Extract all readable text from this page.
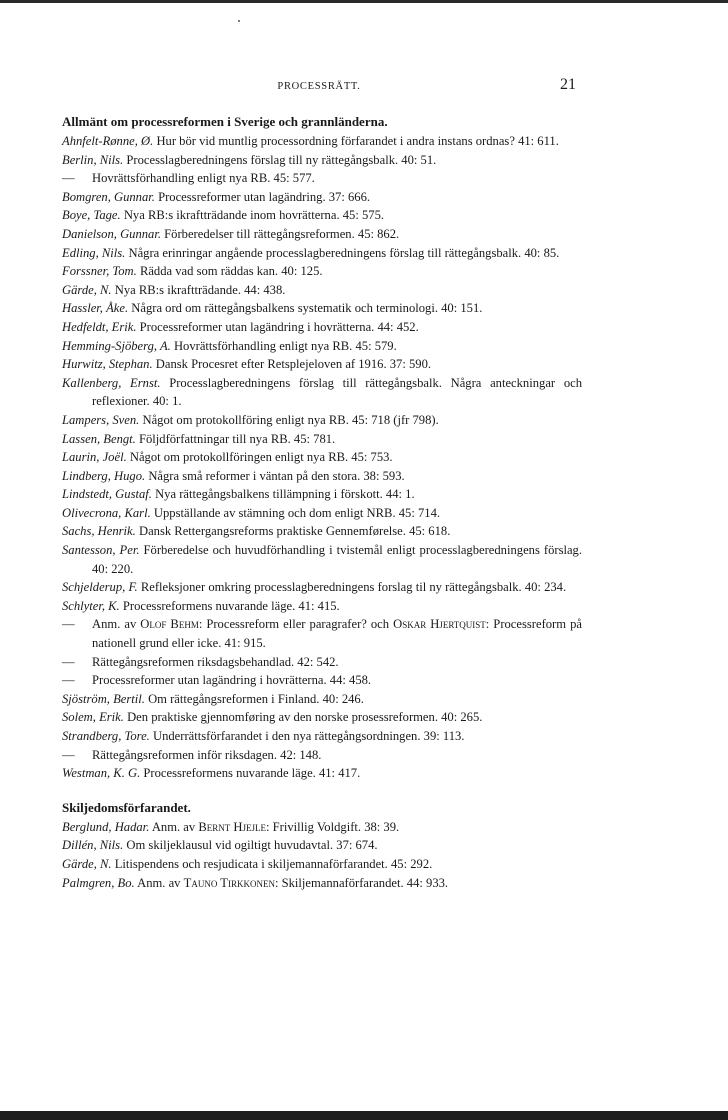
PROCESSRÄTT.	21
Allmänt om processreformen i Sverige och grannländerna.

Ahnfelt-Rønne, Ø. Hur bör vid muntlig processordning förfarandet i andra instans ordnas? 41: 611.

Berlin, Nils. Processlagberedningens förslag till ny rättegångsbalk. 40: 51.

— Hovrättsförhandling enligt nya RB. 45: 577.

Bomgren, Gunnar. Processreformer utan lagändring. 37: 666.

Boye, Tage. Nya RB:s ikraftträdande inom hovrätterna. 45: 575.

Danielson, Gunnar. Förberedelser till rättegångsreformen. 45: 862.

Edling, Nils. Några erinringar angående processlagberedningens förslag till rättegångsbalk. 40: 85.

Forssner, Tom. Rädda vad som räddas kan. 40: 125.

Gärde, N. Nya RB:s ikraftträdande. 44: 438.

Hassler, Åke. Några ord om rättegångsbalkens systematik och terminologi. 40: 151.

Hedfeldt, Erik. Processreformer utan lagändring i hovrätterna. 44: 452.

Hemming-Sjöberg, A. Hovrättsförhandling enligt nya RB. 45: 579.

Hurwitz, Stephan. Dansk Procesret efter Retsplejeloven af 1916. 37: 590.

Kallenberg, Ernst. Processlagberedningens förslag till rättegångsbalk. Några anteckningar och reflexioner. 40: 1.

Lampers, Sven. Något om protokollföring enligt nya RB. 45: 718 (jfr 798).

Lassen, Bengt. Följdförfattningar till nya RB. 45: 781.

Laurin, Joël. Något om protokollföringen enligt nya RB. 45: 753.

Lindberg, Hugo. Några små reformer i väntan på den stora. 38: 593.

Lindstedt, Gustaf. Nya rättegångsbalkens tillämpning i förskott. 44: 1.

Olivecrona, Karl. Uppställande av stämning och dom enligt NRB. 45: 714.

Sachs, Henrik. Dansk Rettergangsreforms praktiske Gennemførelse. 45: 618.

Santesson, Per. Förberedelse och huvudförhandling i tvistemål enligt processlagberedningens förslag. 40: 220.

Schjelderup, F. Refleksjoner omkring processlagberedningens forslag til ny rättegångsbalk. 40: 234.

Schlyter, K. Processreformens nuvarande läge. 41: 415.

— Anm. av Olof Behm: Processreform eller paragrafer? och Oskar Hjertquist: Processreform på nationell grund eller icke. 41: 915.

— Rättegångsreformen riksdagsbehandlad. 42: 542.

— Processreformer utan lagändring i hovrätterna. 44: 458.

Sjöström, Bertil. Om rättegångsreformen i Finland. 40: 246.

Solem, Erik. Den praktiske gjennomføring av den norske prosessreformen. 40: 265.

Strandberg, Tore. Underrättsförfarandet i den nya rättegångsordningen. 39: 113.

— Rättegångsreformen inför riksdagen. 42: 148.

Westman, K. G. Processreformens nuvarande läge. 41: 417.

Skiljedomsförfarandet.

Berglund, Hadar. Anm. av Bernt Hjejle: Frivillig Voldgift. 38: 39.

Dillén, Nils. Om skiljeklausul vid ogiltigt huvudavtal. 37: 674.

Gärde, N. Litispendens och resjudicata i skiljemannaförfarandet. 45: 292.

Palmgren, Bo. Anm. av Tauno Tirkkonen: Skiljemannaförfarandet. 44: 933.
